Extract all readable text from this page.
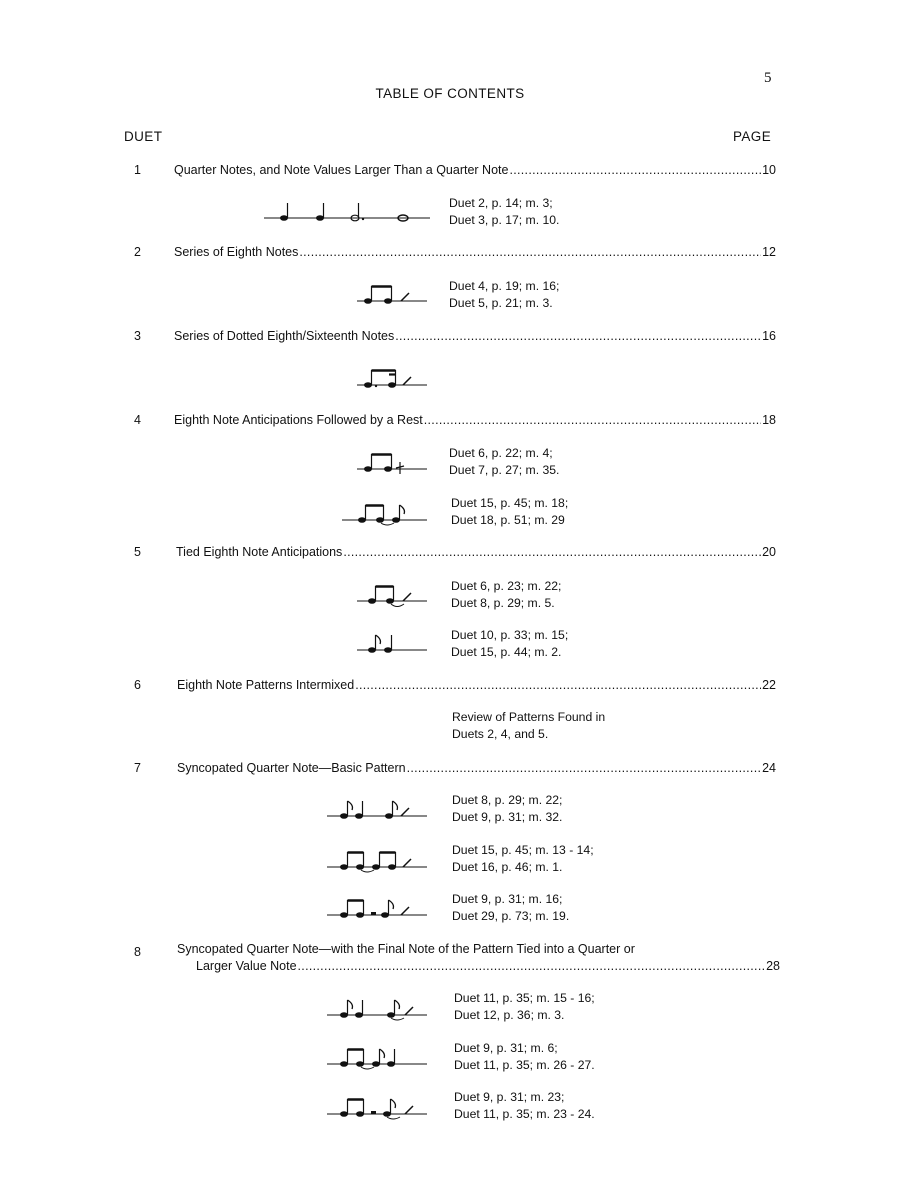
5
TABLE OF CONTENTS
DUET	PAGE
1	Quarter Notes, and Note Values Larger Than a Quarter Note .....	10
Duet 2, p. 14; m. 3;
Duet 3, p. 17; m. 10.
2	Series of Eighth Notes .....	12
Duet 4, p. 19; m. 16;
Duet 5, p. 21; m. 3.
3	Series of Dotted Eighth/Sixteenth Notes .....	16
4	Eighth Note Anticipations Followed by a Rest .....	18
Duet 6, p. 22; m. 4;
Duet 7, p. 27; m. 35.
Duet 15, p. 45; m. 18;
Duet 18, p. 51; m. 29
5	Tied Eighth Note Anticipations .....	20
Duet 6, p. 23; m. 22;
Duet 8, p. 29; m. 5.
Duet 10, p. 33; m. 15;
Duet 15, p. 44; m. 2.
6	Eighth Note Patterns Intermixed .....	22
Review of Patterns Found in
Duets 2, 4, and 5.
7	Syncopated Quarter Note—Basic Pattern .....	24
Duet 8, p. 29; m. 22;
Duet 9, p. 31; m. 32.
Duet 15, p. 45; m. 13 - 14;
Duet 16, p. 46; m. 1.
Duet 9, p. 31; m. 16;
Duet 29, p. 73; m. 19.
8	Syncopated Quarter Note—with the Final Note of the Pattern Tied into a Quarter or
Larger Value Note .....	28
Duet 11, p. 35; m. 15 - 16;
Duet 12, p. 36; m. 3.
Duet 9, p. 31; m. 6;
Duet 11, p. 35; m. 26 - 27.
Duet 9, p. 31; m. 23;
Duet 11, p. 35; m. 23 - 24.
